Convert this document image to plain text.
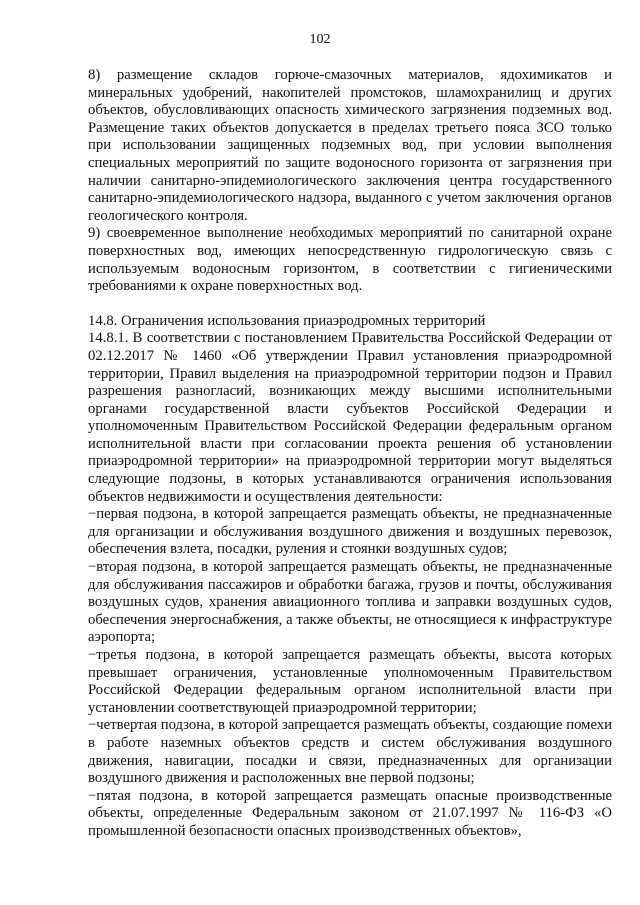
102

8) размещение складов горюче-смазочных материалов, ядохимикатов и минеральных удобрений, накопителей промстоков, шламохранилищ и других объектов, обусловливающих опасность химического загрязнения подземных вод. Размещение таких объектов допускается в пределах третьего пояса ЗСО только при использовании защищенных подземных вод, при условии выполнения специальных мероприятий по защите водоносного горизонта от загрязнения при наличии санитарно-эпидемиологического заключения центра государственного санитарно-эпидемиологического надзора, выданного с учетом заключения органов геологического контроля.

9) своевременное выполнение необходимых мероприятий по санитарной охране поверхностных вод, имеющих непосредственную гидрологическую связь с используемым водоносным горизонтом, в соответствии с гигиеническими требованиями к охране поверхностных вод.

14.8. Ограничения использования приаэродромных территорий

14.8.1. В соответствии с постановлением Правительства Российской Федерации от 02.12.2017 № 1460 «Об утверждении Правил установления приаэродромной территории, Правил выделения на приаэродромной территории подзон и Правил разрешения разногласий, возникающих между высшими исполнительными органами государственной власти субъектов Российской Федерации и уполномоченным Правительством Российской Федерации федеральным органом исполнительной власти при согласовании проекта решения об установлении приаэродромной территории» на приаэродромной территории могут выделяться следующие подзоны, в которых устанавливаются ограничения использования объектов недвижимости и осуществления деятельности:

−первая подзона, в которой запрещается размещать объекты, не предназначенные для организации и обслуживания воздушного движения и воздушных перевозок, обеспечения взлета, посадки, руления и стоянки воздушных судов;

−вторая подзона, в которой запрещается размещать объекты, не предназначенные для обслуживания пассажиров и обработки багажа, грузов и почты, обслуживания воздушных судов, хранения авиационного топлива и заправки воздушных судов, обеспечения энергоснабжения, а также объекты, не относящиеся к инфраструктуре аэропорта;

−третья подзона, в которой запрещается размещать объекты, высота которых превышает ограничения, установленные уполномоченным Правительством Российской Федерации федеральным органом исполнительной власти при установлении соответствующей приаэродромной территории;

−четвертая подзона, в которой запрещается размещать объекты, создающие помехи в работе наземных объектов средств и систем обслуживания воздушного движения, навигации, посадки и связи, предназначенных для организации воздушного движения и расположенных вне первой подзоны;

−пятая подзона, в которой запрещается размещать опасные производственные объекты, определенные Федеральным законом от 21.07.1997 № 116-ФЗ «О промышленной безопасности опасных производственных объектов»,
